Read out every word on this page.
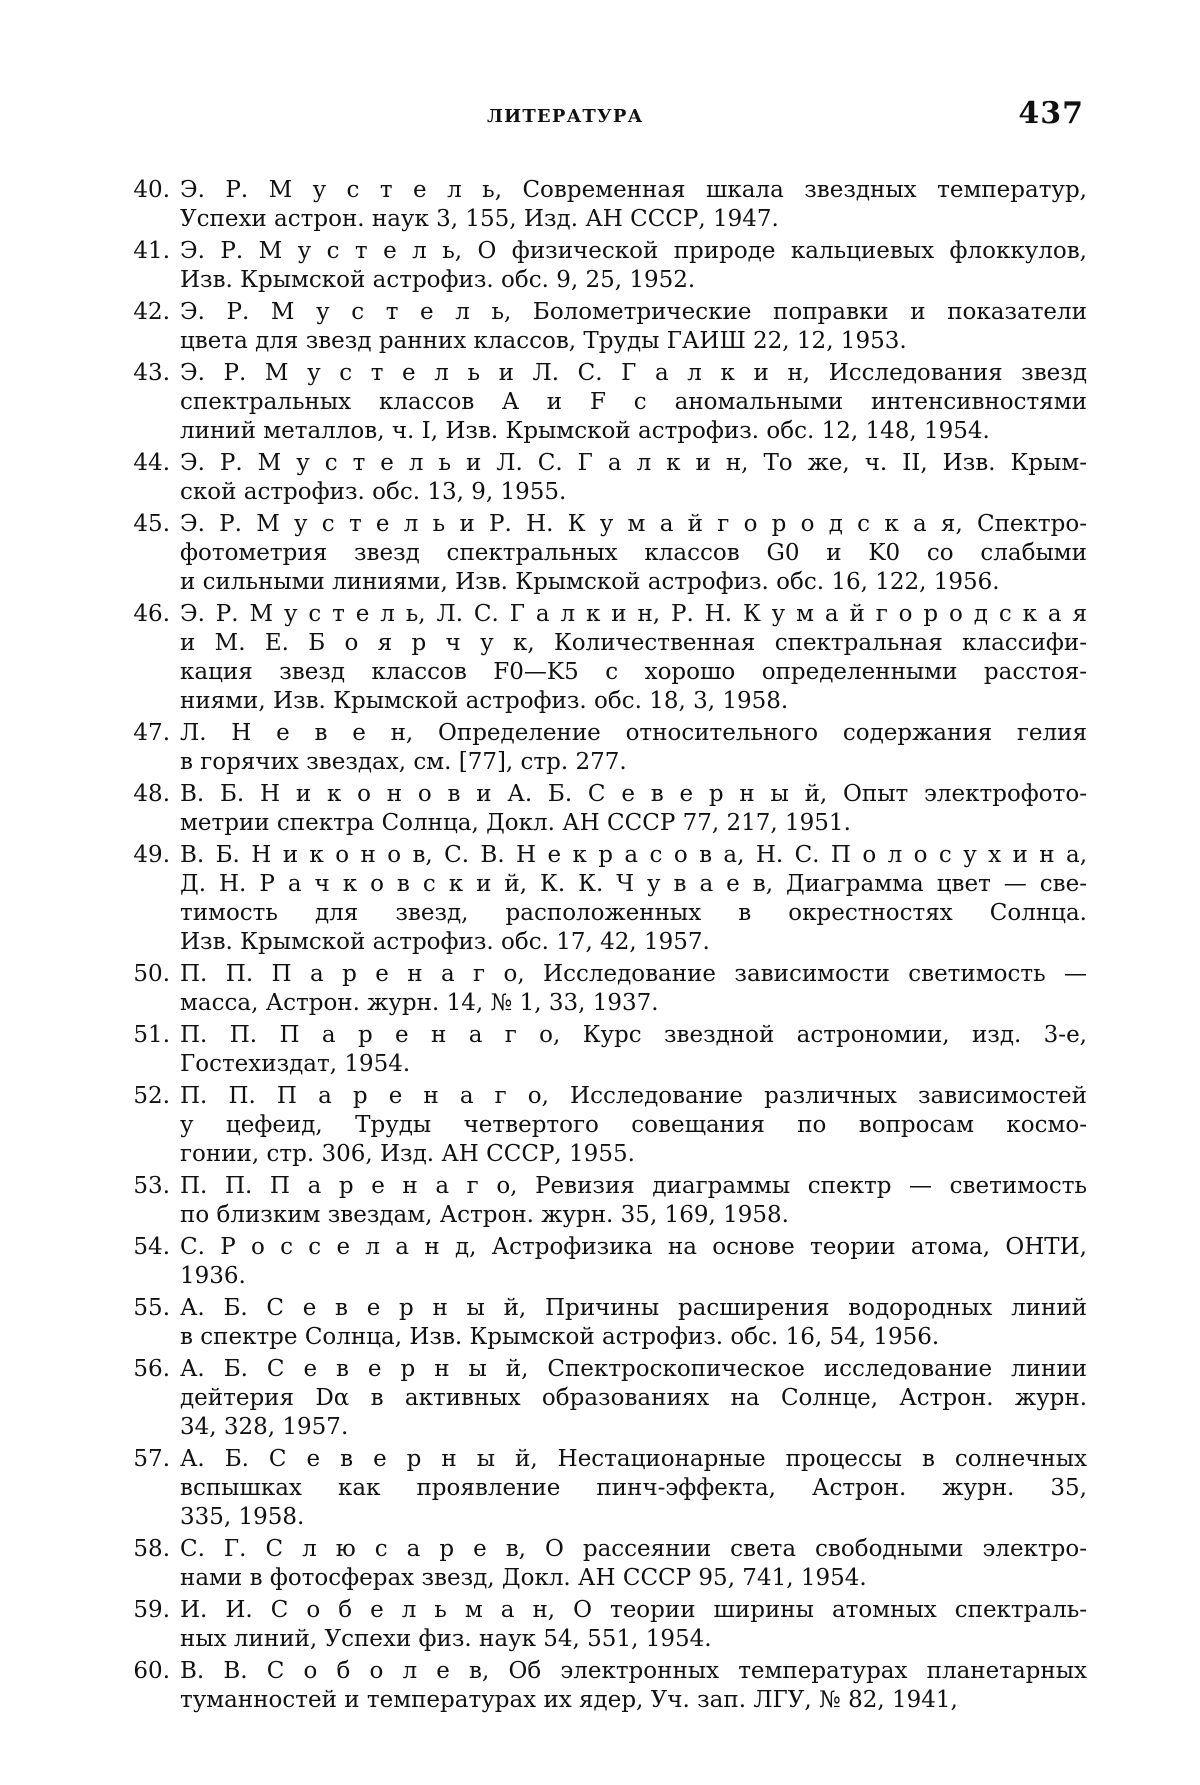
ЛИТЕРАТУРА	437
40. Э. Р. М у с т е л ь, Современная шкала звездных температур,
Успехи астрон. наук 3, 155, Изд. АН СССР, 1947.
41. Э. Р. М у с т е л ь, О физической природе кальциевых флоккулов,
Изв. Крымской астрофиз. обс. 9, 25, 1952.
42. Э. Р. М у с т е л ь, Болометрические поправки и показатели
цвета для звезд ранних классов, Труды ГАИШ 22, 12, 1953.
43. Э. Р. М у с т е л ь и Л. С. Г а л к и н, Исследования звезд
спектральных классов A и F с аномальными интенсивностями
линий металлов, ч. I, Изв. Крымской астрофиз. обс. 12, 148, 1954.
44. Э. Р. М у с т е л ь и Л. С. Г а л к и н, То же, ч. II, Изв. Крым-
ской астрофиз. обс. 13, 9, 1955.
45. Э. Р. М у с т е л ь и Р. Н. К у м а й г о р о д с к а я, Спектро-
фотометрия звезд спектральных классов G0 и K0 со слабыми
и сильными линиями, Изв. Крымской астрофиз. обс. 16, 122, 1956.
46. Э. Р. М у с т е л ь, Л. С. Г а л к и н, Р. Н. К у м а й г о р о д с к а я
и М. Е. Б о я р ч у к, Количественная спектральная классифи-
кация звезд классов F0—K5 с хорошо определенными расстоя-
ниями, Изв. Крымской астрофиз. обс. 18, 3, 1958.
47. Л. Н е в е н, Определение относительного содержания гелия
в горячих звездах, см. [77], стр. 277.
48. В. Б. Н и к о н о в и А. Б. С е в е р н ы й, Опыт электрофото-
метрии спектра Солнца, Докл. АН СССР 77, 217, 1951.
49. В. Б. Н и к о н о в, С. В. Н е к р а с о в а, Н. С. П о л о с у х и н а,
Д. Н. Р а ч к о в с к и й, К. К. Ч у в а е в, Диаграмма цвет — све-
тимость для звезд, расположенных в окрестностях Солнца.
Изв. Крымской астрофиз. обс. 17, 42, 1957.
50. П. П. П а р е н а г о, Исследование зависимости светимость —
масса, Астрон. журн. 14, № 1, 33, 1937.
51. П. П. П а р е н а г о, Курс звездной астрономии, изд. 3-е,
Гостехиздат, 1954.
52. П. П. П а р е н а г о, Исследование различных зависимостей
у цефеид, Труды четвертого совещания по вопросам космо-
гонии, стр. 306, Изд. АН СССР, 1955.
53. П. П. П а р е н а г о, Ревизия диаграммы спектр — светимость
по близким звездам, Астрон. журн. 35, 169, 1958.
54. С. Р о с с е л а н д, Астрофизика на основе теории атома, ОНТИ,
1936.
55. А. Б. С е в е р н ы й, Причины расширения водородных линий
в спектре Солнца, Изв. Крымской астрофиз. обс. 16, 54, 1956.
56. А. Б. С е в е р н ы й, Спектроскопическое исследование линии
дейтерия Dα в активных образованиях на Солнце, Астрон. журн.
34, 328, 1957.
57. А. Б. С е в е р н ы й, Нестационарные процессы в солнечных
вспышках как проявление пинч-эффекта, Астрон. журн. 35,
335, 1958.
58. С. Г. С л ю с а р е в, О рассеянии света свободными электро-
нами в фотосферах звезд, Докл. АН СССР 95, 741, 1954.
59. И. И. С о б е л ь м а н, О теории ширины атомных спектраль-
ных линий, Успехи физ. наук 54, 551, 1954.
60. В. В. С о б о л е в, Об электронных температурах планетарных
туманностей и температурах их ядер, Уч. зап. ЛГУ, № 82, 1941,
